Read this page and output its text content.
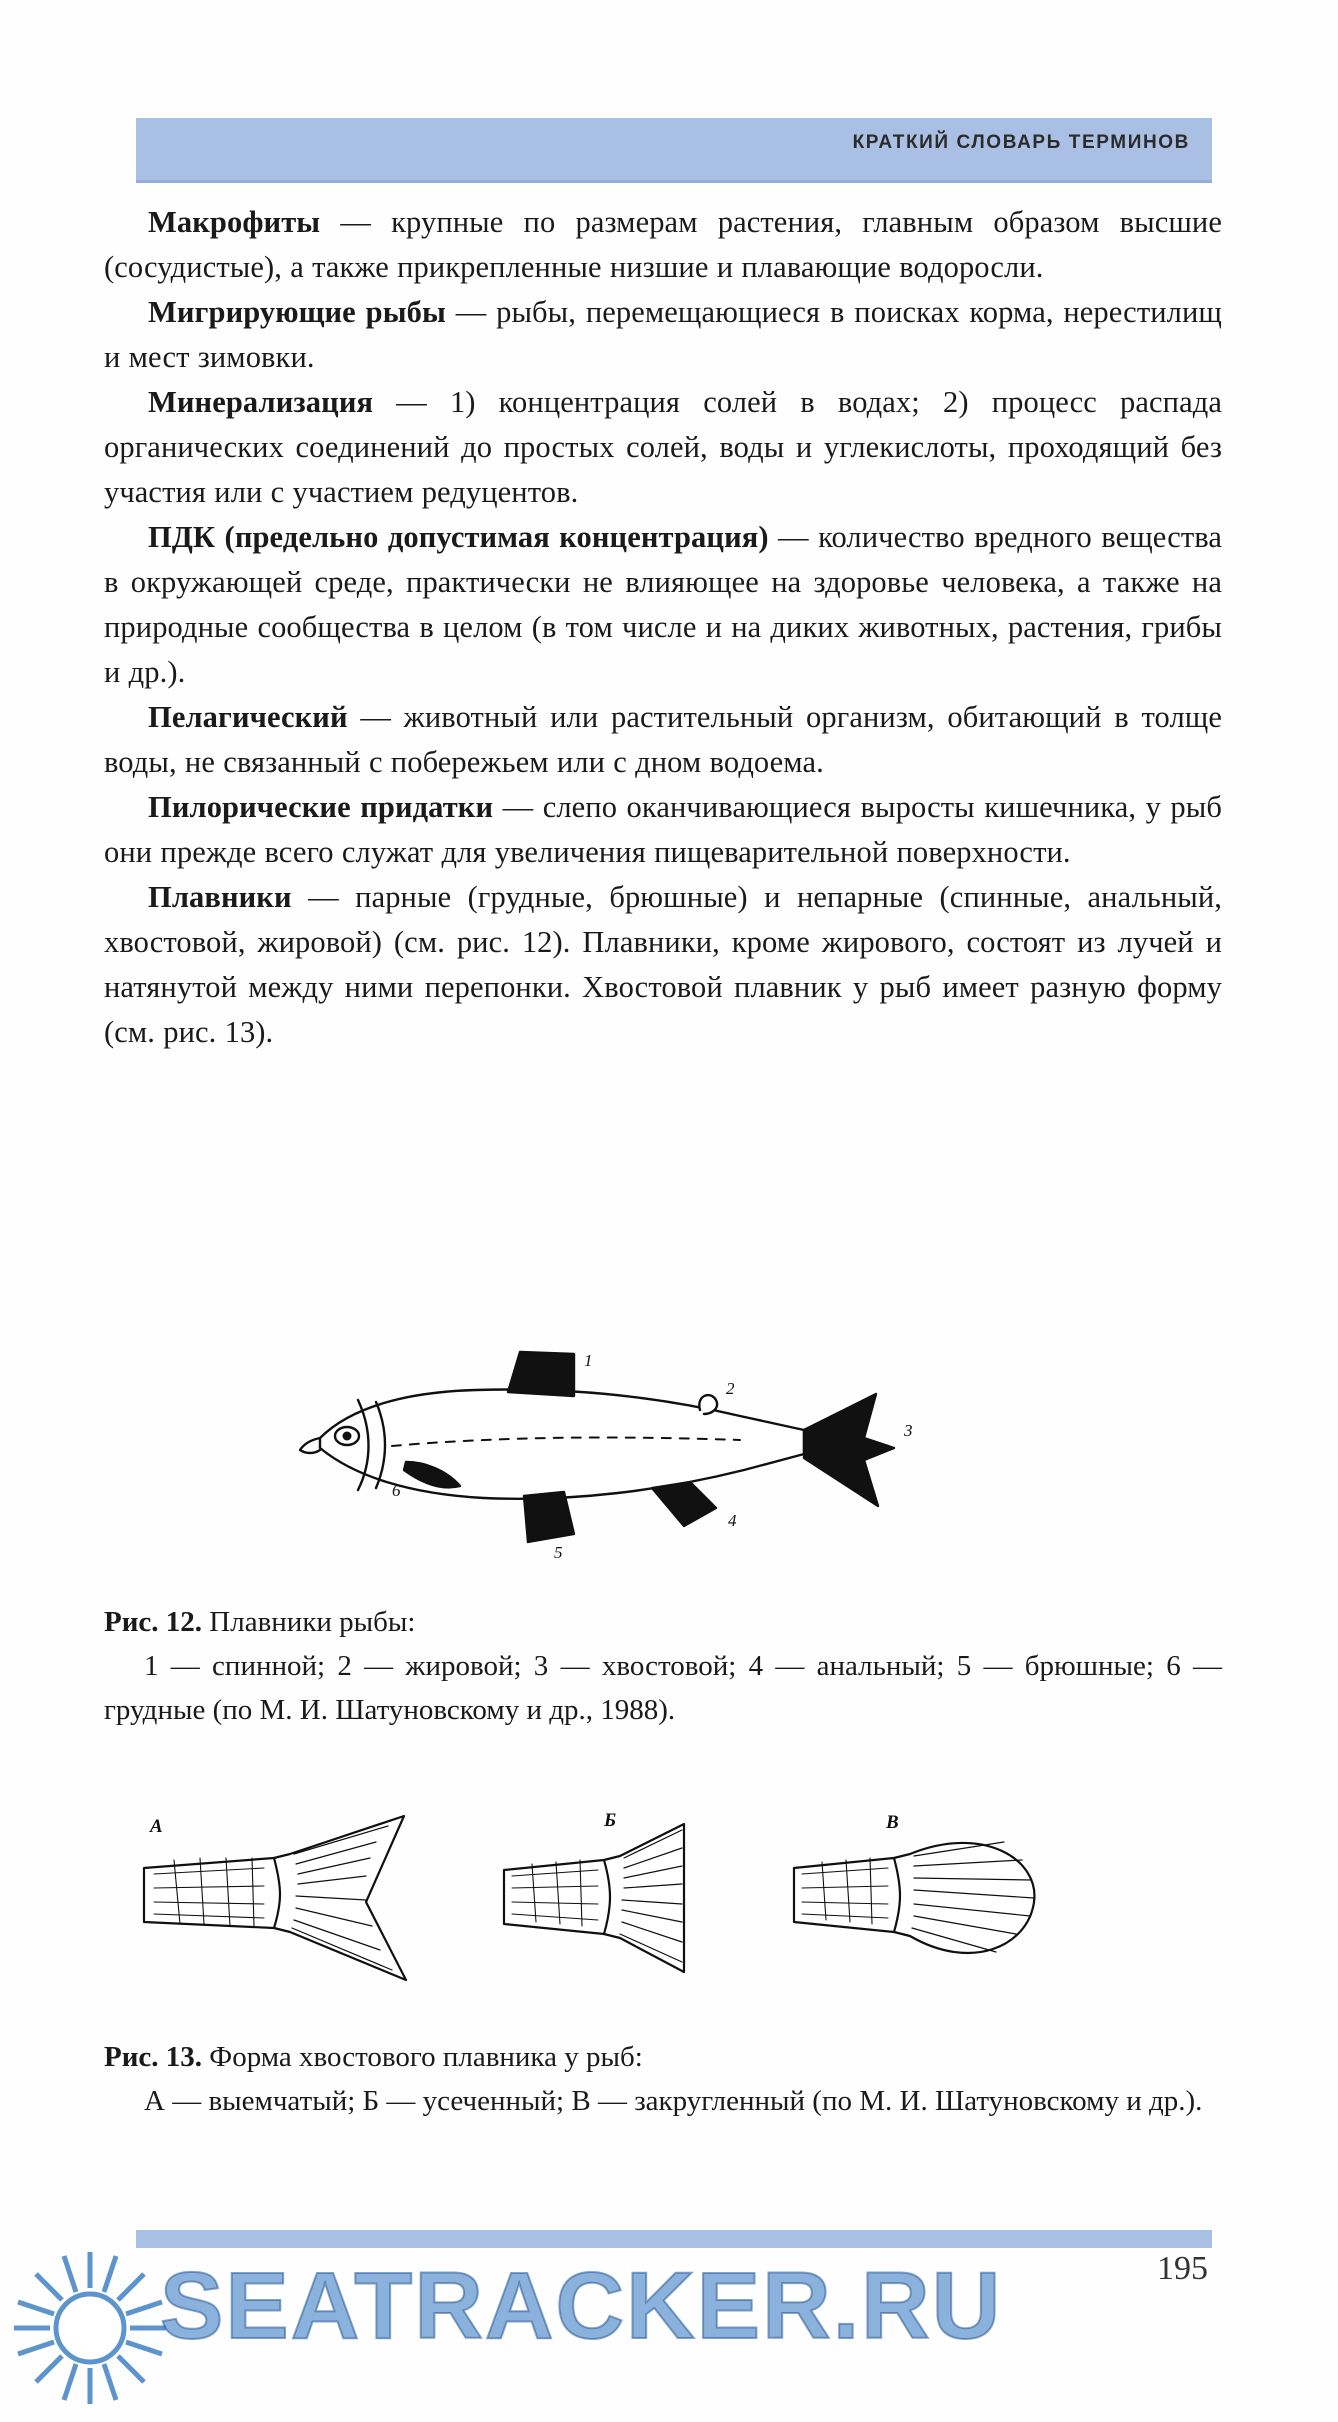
КРАТКИЙ СЛОВАРЬ ТЕРМИНОВ

Макрофиты — крупные по размерам растения, главным образом высшие (сосудистые), а также прикрепленные низшие и плавающие водоросли.

Мигрирующие рыбы — рыбы, перемещающиеся в поисках корма, нерестилищ и мест зимовки.

Минерализация — 1) концентрация солей в водах; 2) процесс распада органических соединений до простых солей, воды и углекислоты, проходящий без участия или с участием редуцентов.

ПДК (предельно допустимая концентрация) — количество вредного вещества в окружающей среде, практически не влияющее на здоровье человека, а также на природные сообщества в целом (в том числе и на диких животных, растения, грибы и др.).

Пелагический — животный или растительный организм, обитающий в толще воды, не связанный с побережьем или с дном водоема.

Пилорические придатки — слепо оканчивающиеся выросты кишечника, у рыб они прежде всего служат для увеличения пищеварительной поверхности.

Плавники — парные (грудные, брюшные) и непарные (спинные, анальный, хвостовой, жировой) (см. рис. 12). Плавники, кроме жирового, состоят из лучей и натянутой между ними перепонки. Хвостовой плавник у рыб имеет разную форму (см. рис. 13).

1
2
3
4
5
6

Рис. 12. Плавники рыбы:

1 — спинной; 2 — жировой; 3 — хвостовой; 4 — анальный; 5 — брюшные; 6 — грудные (по М. И. Шатуновскому и др., 1988).

А	Б	В

Рис. 13. Форма хвостового плавника у рыб:

А — выемчатый; Б — усеченный; В — закругленный (по М. И. Шатуновскому и др.).

195
SEATRACKER.RU
